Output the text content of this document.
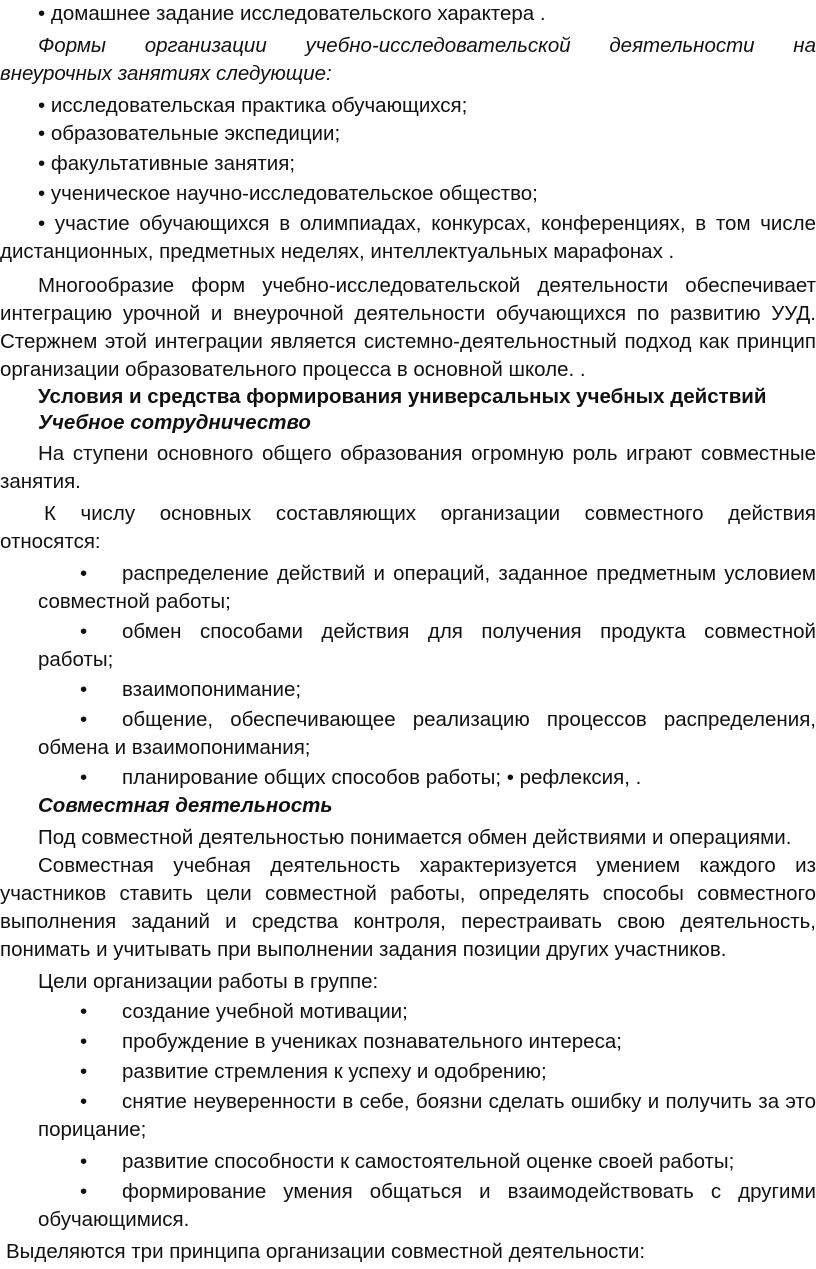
• домашнее задание исследовательского характера .
Формы организации учебно-исследовательской деятельности на
внеурочных занятиях следующие:
• исследовательская практика обучающихся;
• образовательные экспедиции;
• факультативные занятия;
• ученическое научно-исследовательское общество;
• участие обучающихся в олимпиадах, конкурсах, конференциях, в том числе
дистанционных, предметных неделях, интеллектуальных марафонах .
Многообразие форм учебно-исследовательской деятельности обеспечивает
интеграцию урочной и внеурочной деятельности обучающихся по развитию УУД.
Стержнем этой интеграции является системно-деятельностный подход как принцип
организации образовательного процесса в основной школе. .
Условия и средства формирования универсальных учебных действий
Учебное сотрудничество
На ступени основного общего образования огромную роль играют совместные
занятия.
К числу основных составляющих организации совместного действия
относятся:
•	распределение действий и операций, заданное предметным условием
совместной работы;
•	обмен способами действия для получения продукта совместной
работы;
•	взаимопонимание;
•	общение, обеспечивающее реализацию процессов распределения,
обмена и взаимопонимания;
•	планирование общих способов работы; • рефлексия, .
Совместная деятельность
Под совместной деятельностью понимается обмен действиями и операциями.
Совместная учебная деятельность характеризуется умением каждого из
участников ставить цели совместной работы, определять способы совместного
выполнения заданий и средства контроля, перестраивать свою деятельность,
понимать и учитывать при выполнении задания позиции других участников.
Цели организации работы в группе:
•	создание учебной мотивации;
•	пробуждение в учениках познавательного интереса;
•	развитие стремления к успеху и одобрению;
•	снятие неуверенности в себе, боязни сделать ошибку и получить за это
порицание;
•	развитие способности к самостоятельной оценке своей работы;
•	формирование умения общаться и взаимодействовать с другими
обучающимися.
Выделяются три принципа организации совместной деятельности:
